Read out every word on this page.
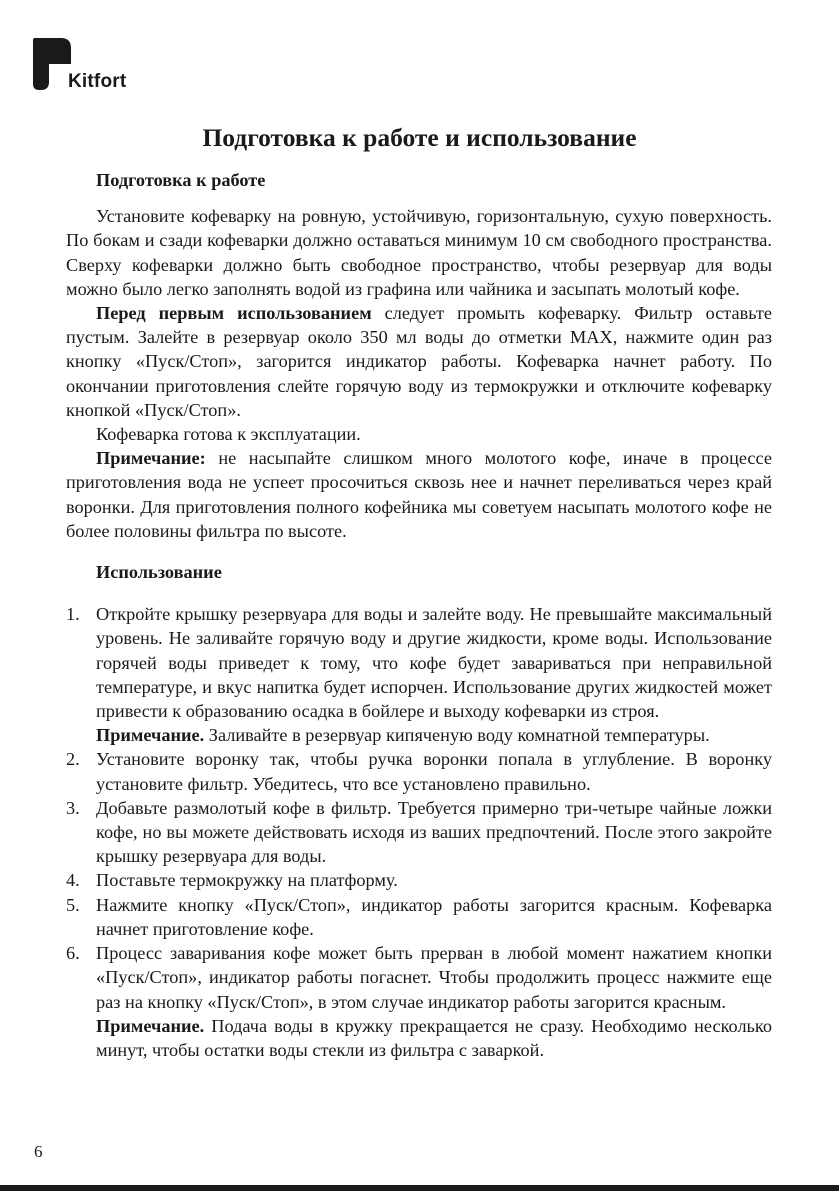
Kitfort
Подготовка к работе и использование
Подготовка к работе

Установите кофеварку на ровную, устойчивую, горизонтальную, сухую поверхность. По бокам и сзади кофеварки должно оставаться минимум 10 см свободного пространства. Сверху кофеварки должно быть свободное пространство, чтобы резервуар для воды можно было легко заполнять водой из графина или чайника и засыпать молотый кофе.

Перед первым использованием следует промыть кофеварку. Фильтр оставьте пустым. Залейте в резервуар около 350 мл воды до отметки MAX, нажмите один раз кнопку «Пуск/Стоп», загорится индикатор работы. Кофеварка начнет работу. По окончании приготовления слейте горячую воду из термокружки и отключите кофеварку кнопкой «Пуск/Стоп».

Кофеварка готова к эксплуатации.

Примечание: не насыпайте слишком много молотого кофе, иначе в процессе приготовления вода не успеет просочиться сквозь нее и начнет переливаться через край воронки. Для приготовления полного кофейника мы советуем насыпать молотого кофе не более половины фильтра по высоте.

Использование
1. Откройте крышку резервуара для воды и залейте воду. Не превышайте максимальный уровень. Не заливайте горячую воду и другие жидкости, кроме воды. Использование горячей воды приведет к тому, что кофе будет завариваться при неправильной температуре, и вкус напитка будет испорчен. Использование других жидкостей может привести к образованию осадка в бойлере и выходу кофеварки из строя.
Примечание. Заливайте в резервуар кипяченую воду комнатной температуры.
2. Установите воронку так, чтобы ручка воронки попала в углубление. В воронку установите фильтр. Убедитесь, что все установлено правильно.
3. Добавьте размолотый кофе в фильтр. Требуется примерно три-четыре чайные ложки кофе, но вы можете действовать исходя из ваших предпочтений. После этого закройте крышку резервуара для воды.
4. Поставьте термокружку на платформу.
5. Нажмите кнопку «Пуск/Стоп», индикатор работы загорится красным. Кофеварка начнет приготовление кофе.
6. Процесс заваривания кофе может быть прерван в любой момент нажатием кнопки «Пуск/Стоп», индикатор работы погаснет. Чтобы продолжить процесс нажмите еще раз на кнопку «Пуск/Стоп», в этом случае индикатор работы загорится красным.
Примечание. Подача воды в кружку прекращается не сразу. Необходимо несколько минут, чтобы остатки воды стекли из фильтра с заваркой.
6
